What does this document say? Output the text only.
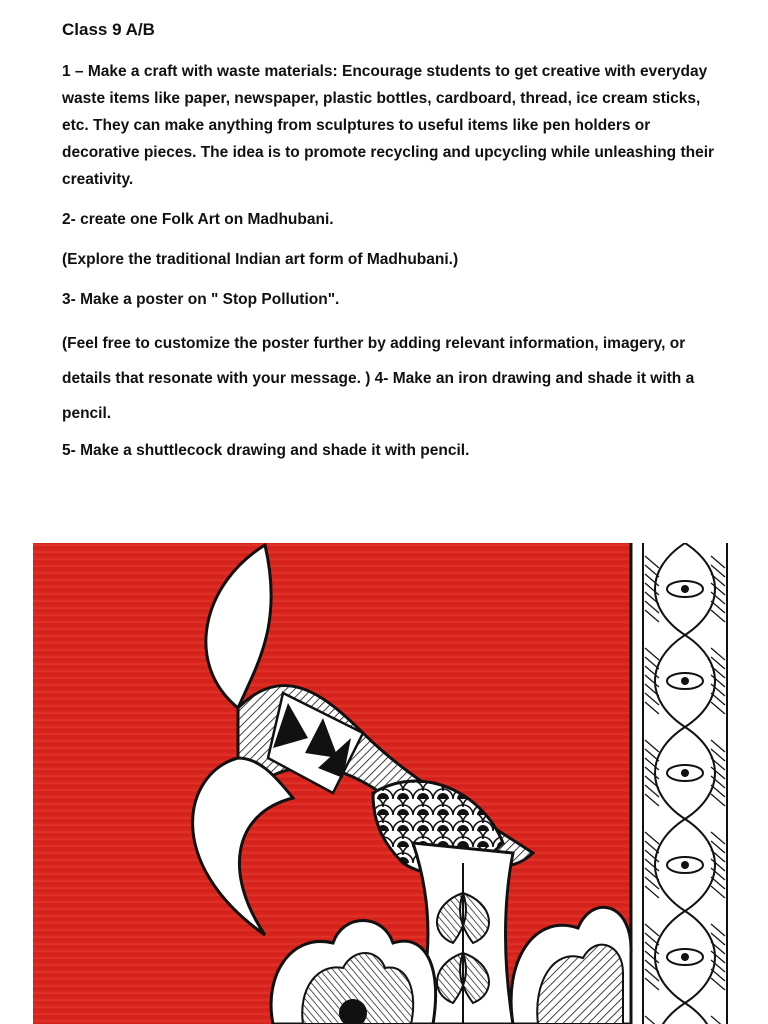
Class 9 A/B

1 – Make a craft with waste materials: Encourage students to get creative with everyday waste items like paper, newspaper, plastic bottles, cardboard, thread, ice cream sticks, etc. They can make anything from sculptures to useful items like pen holders or decorative pieces. The idea is to promote recycling and upcycling while unleashing their creativity.

2- create one Folk Art on Madhubani.

(Explore the traditional Indian art form of Madhubani.)

3- Make a poster on " Stop Pollution".

(Feel free to customize the poster further by adding relevant information, imagery, or details that resonate with your message. ) 4- Make an iron drawing and shade it with a pencil.

5- Make a shuttlecock drawing and shade it with pencil.
